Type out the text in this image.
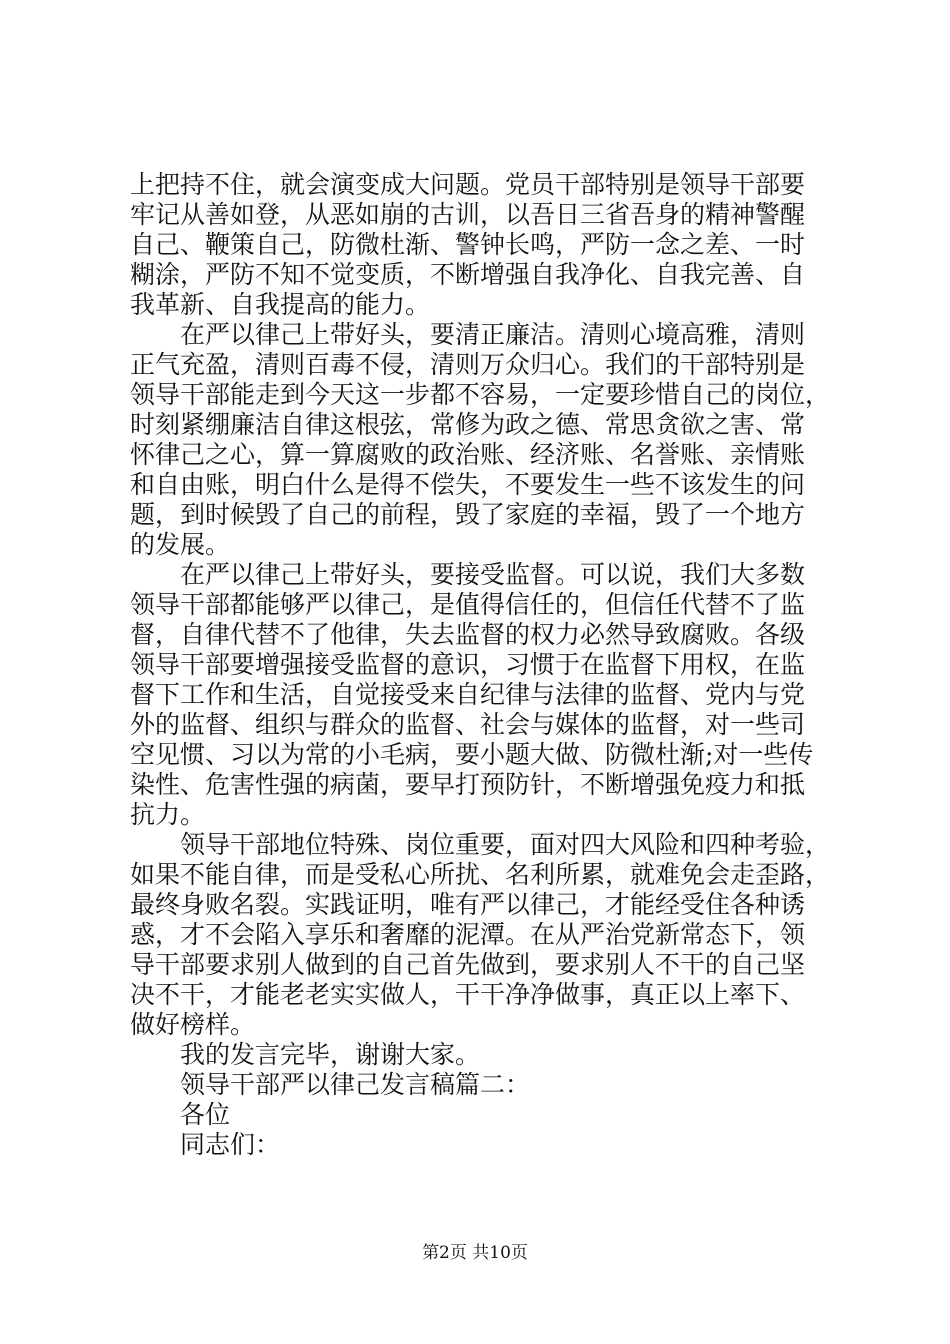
上把持不住，就会演变成大问题。党员干部特别是领导干部要
牢记从善如登，从恶如崩的古训，以吾日三省吾身的精神警醒
自己、鞭策自己，防微杜渐、警钟长鸣，严防一念之差、一时
糊涂，严防不知不觉变质，不断增强自我净化、自我完善、自
我革新、自我提高的能力。
在严以律己上带好头，要清正廉洁。清则心境高雅，清则
正气充盈，清则百毒不侵，清则万众归心。我们的干部特别是
领导干部能走到今天这一步都不容易，一定要珍惜自己的岗位，
时刻紧绷廉洁自律这根弦，常修为政之德、常思贪欲之害、常
怀律己之心，算一算腐败的政治账、经济账、名誉账、亲情账
和自由账，明白什么是得不偿失，不要发生一些不该发生的问
题，到时候毁了自己的前程，毁了家庭的幸福，毁了一个地方
的发展。
在严以律己上带好头，要接受监督。可以说，我们大多数
领导干部都能够严以律己，是值得信任的，但信任代替不了监
督，自律代替不了他律，失去监督的权力必然导致腐败。各级
领导干部要增强接受监督的意识，习惯于在监督下用权，在监
督下工作和生活，自觉接受来自纪律与法律的监督、党内与党
外的监督、组织与群众的监督、社会与媒体的监督，对一些司
空见惯、习以为常的小毛病，要小题大做、防微杜渐;对一些传
染性、危害性强的病菌，要早打预防针，不断增强免疫力和抵
抗力。
领导干部地位特殊、岗位重要，面对四大风险和四种考验，
如果不能自律，而是受私心所扰、名利所累，就难免会走歪路，
最终身败名裂。实践证明，唯有严以律己，才能经受住各种诱
惑，才不会陷入享乐和奢靡的泥潭。在从严治党新常态下，领
导干部要求别人做到的自己首先做到，要求别人不干的自己坚
决不干，才能老老实实做人，干干净净做事，真正以上率下、
做好榜样。
我的发言完毕，谢谢大家。
领导干部严以律己发言稿篇二：
第2页 共10页
各位
同志们：
